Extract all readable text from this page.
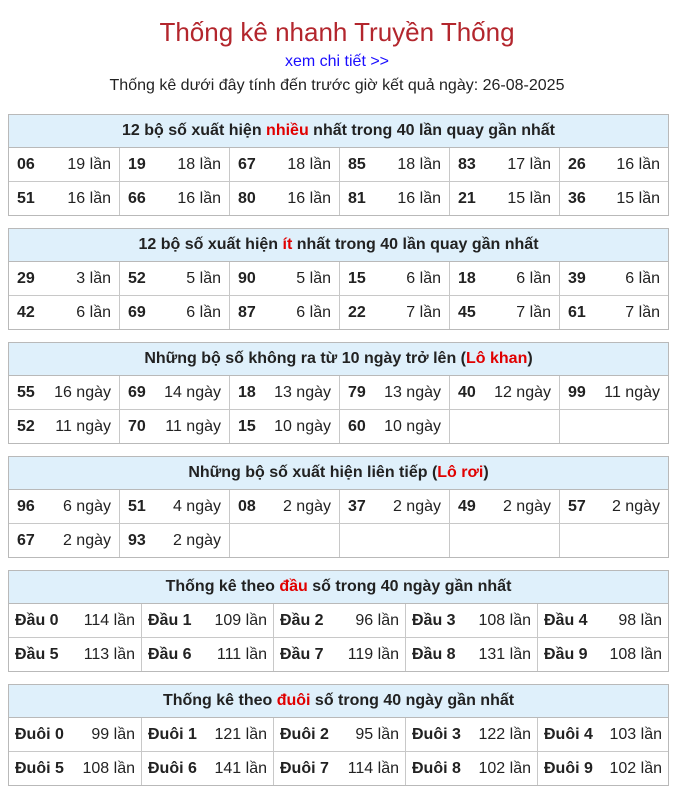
Thống kê nhanh Truyền Thống
xem chi tiết >>
Thống kê dưới đây tính đến trước giờ kết quả ngày: 26-08-2025
12 bộ số xuất hiện nhiều nhất trong 40 lần quay gần nhất
06 19 lần 19 18 lần 67 18 lần 85 18 lần 83 17 lần 26 16 lần
51 16 lần 66 16 lần 80 16 lần 81 16 lần 21 15 lần 36 15 lần
12 bộ số xuất hiện ít nhất trong 40 lần quay gần nhất
29	3 lần 52	5 lần 90	5 lần 15	6 lần 18	6 lần 39 6 lần
42	6 lần 69	6 lần 87	6 lần 22	7 lần 45	7 lần 61 7 lần
Những bộ số không ra từ 10 ngày trở lên (Lô khan)
55 16 ngày 69 14 ngày 18 13 ngày 79 13 ngày 40 12 ngày 99 11 ngày
52 11 ngày 70 11 ngày 15 10 ngày 60 10 ngày
Những bộ số xuất hiện liên tiếp (Lô rơi)
96 6 ngày 51 4 ngày 08 2 ngày 37 2 ngày 49 2 ngày 57 2 ngày
67 2 ngày 93 2 ngày
Thống kê theo đầu số trong 40 ngày gần nhất
Đầu 0 114 lần Đầu 1 109 lần Đầu 2 96 lần Đầu 3 108 lần Đầu 4 98 lần
Đầu 5 113 lần Đầu 6 111 lần Đầu 7 119 lần Đầu 8 131 lần Đầu 9 108 lần
Thống kê theo đuôi số trong 40 ngày gần nhất
Đuôi 0 99 lần Đuôi 1 121 lần Đuôi 2 95 lần Đuôi 3 122 lần Đuôi 4 103 lần
Đuôi 5 108 lần Đuôi 6 141 lần Đuôi 7 114 lần Đuôi 8 102 lần Đuôi 9 102 lần
